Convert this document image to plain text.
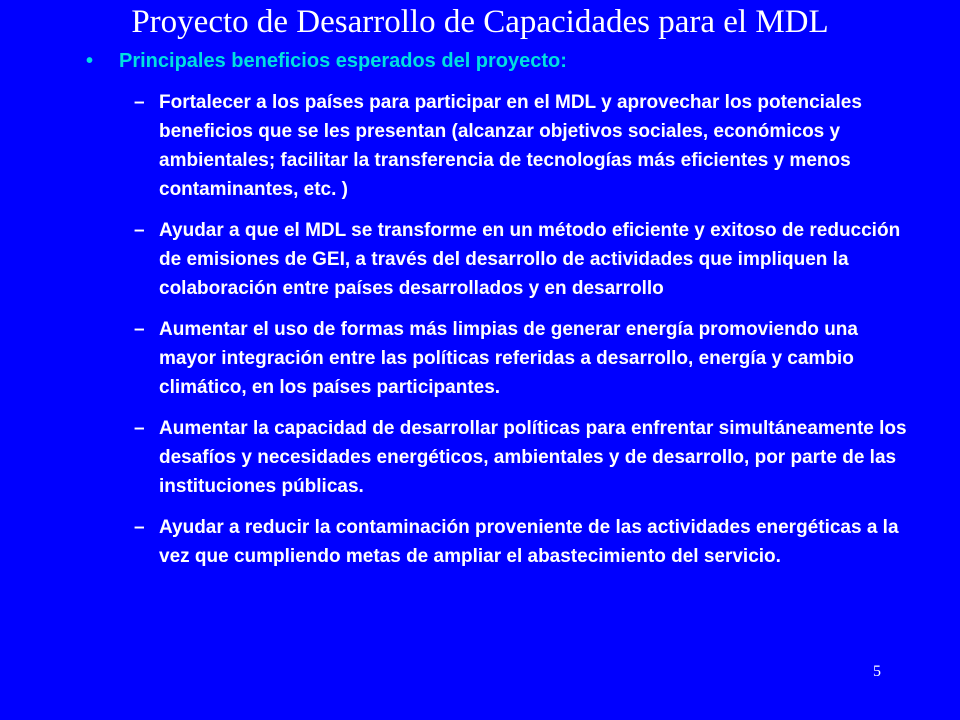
Proyecto de Desarrollo de Capacidades para el MDL
• Principales beneficios esperados del proyecto:
– Fortalecer a los países para participar en el MDL y aprovechar los potenciales beneficios que se les presentan (alcanzar objetivos sociales, económicos y ambientales; facilitar la transferencia de tecnologías más eficientes y menos contaminantes, etc. )
– Ayudar a que el MDL se transforme en un método eficiente y exitoso de reducción de emisiones de GEI, a través del desarrollo de actividades que impliquen la colaboración entre países desarrollados y en desarrollo
– Aumentar el uso de formas más limpias de generar energía promoviendo una mayor integración entre las políticas referidas a desarrollo, energía y cambio climático, en los países participantes.
– Aumentar la capacidad de desarrollar políticas para enfrentar simultáneamente los desafíos y necesidades energéticos, ambientales y de desarrollo, por parte de las instituciones públicas.
– Ayudar a reducir la contaminación proveniente de las actividades energéticas a la vez que cumpliendo metas de ampliar el abastecimiento del servicio.
5
